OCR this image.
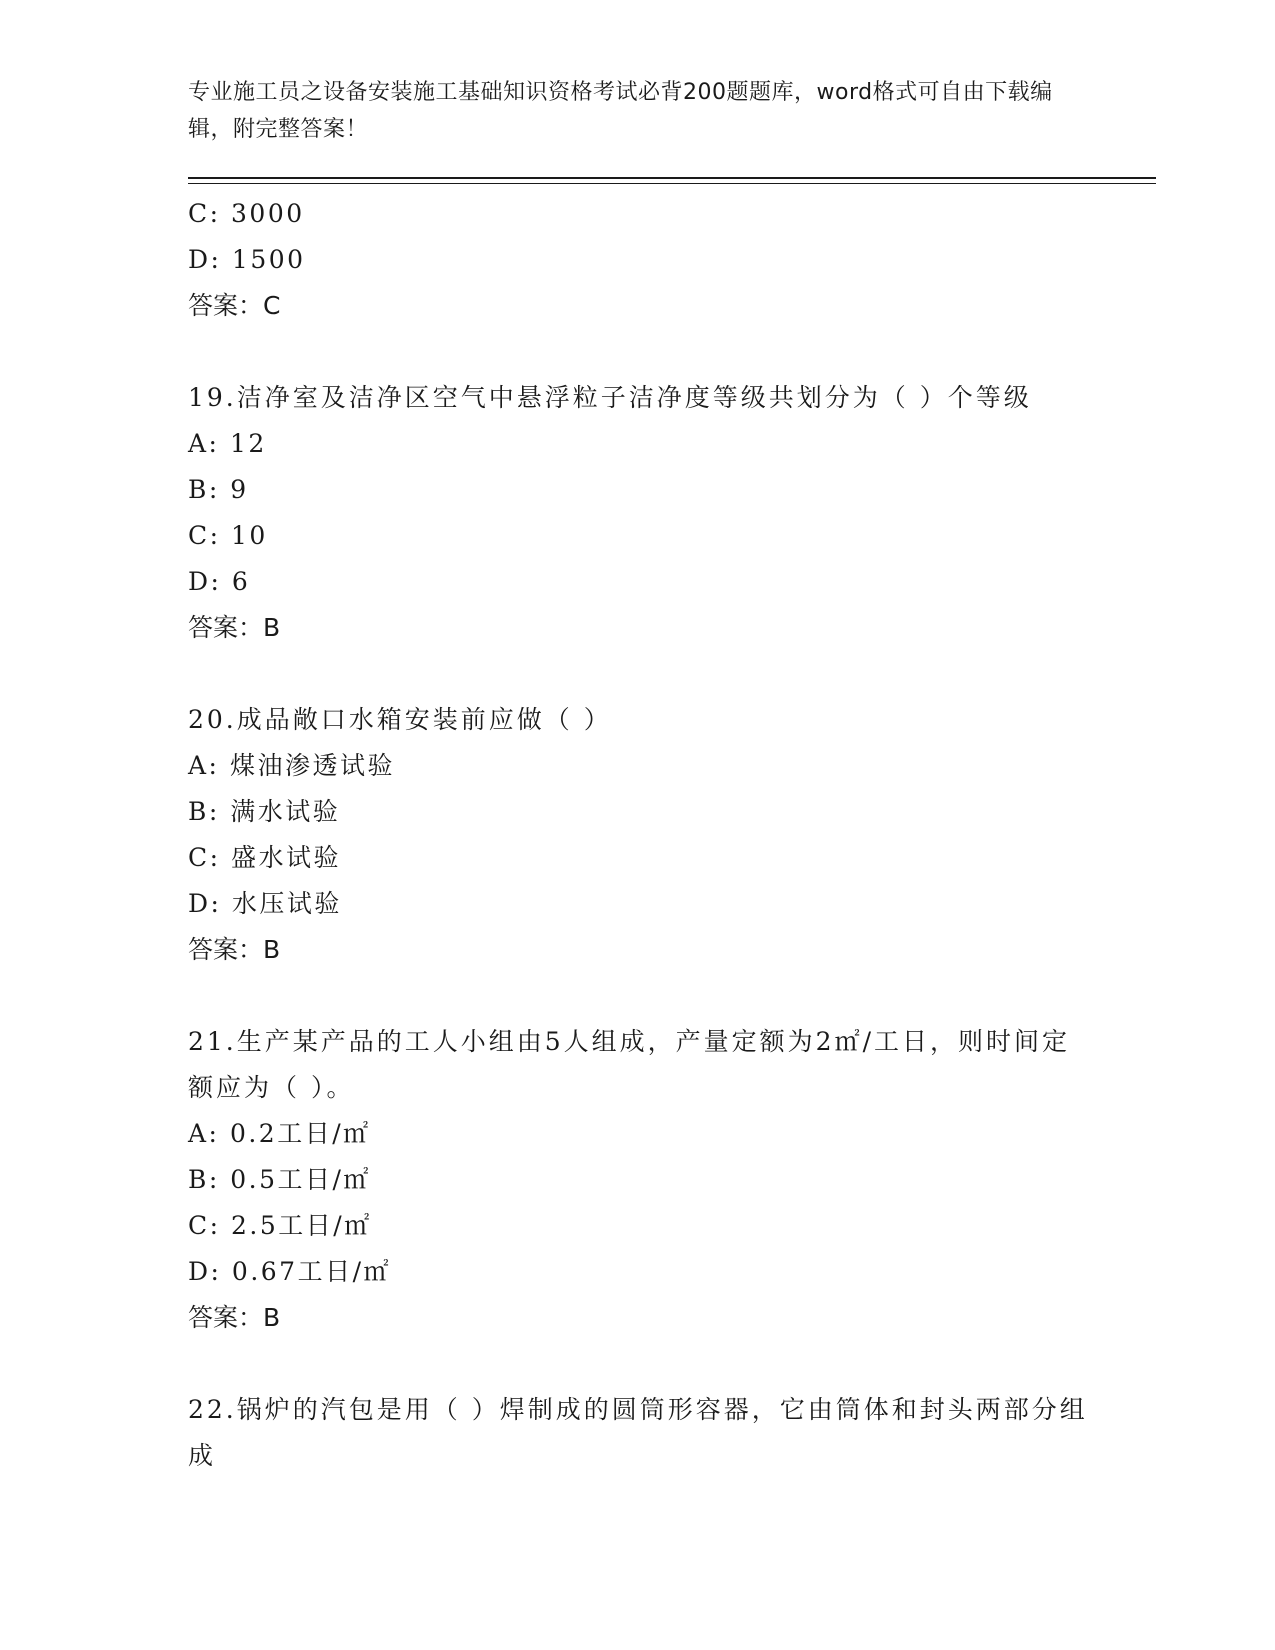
专业施工员之设备安装施工基础知识资格考试必背200题题库，word格式可自由下载编辑，附完整答案！
C: 3000
D: 1500
答案：C
19.洁净室及洁净区空气中悬浮粒子洁净度等级共划分为（ ）个等级
A: 12
B: 9
C: 10
D: 6
答案：B
20.成品敞口水箱安装前应做（ ）
A: 煤油渗透试验
B: 满水试验
C: 盛水试验
D: 水压试验
答案：B
21.生产某产品的工人小组由5人组成，产量定额为2㎡/工日，则时间定额应为（ ）。
A: 0.2工日/㎡
B: 0.5工日/㎡
C: 2.5工日/㎡
D: 0.67工日/㎡
答案：B
22.锅炉的汽包是用（ ）焊制成的圆筒形容器，它由筒体和封头两部分组成
